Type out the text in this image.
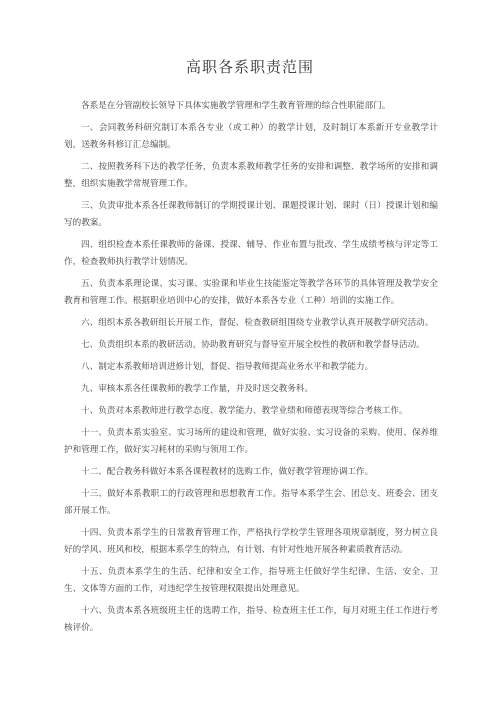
高职各系职责范围

各系是在分管副校长领导下具体实施教学管理和学生教育管理的综合性职能部门。

一、会同教务科研究制订本系各专业（或工种）的教学计划，及时制订本系新开专业教学计划，送教务科修订汇总编制。

二、按照教务科下达的教学任务，负责本系教师教学任务的安排和调整、教学场所的安排和调整，组织实施教学常规管理工作。

三、负责审批本系各任课教师制订的学期授课计划、课题授课计划、课时（日）授课计划和编写的教案。

四、组织检查本系任课教师的备课、授课、辅导、作业布置与批改、学生成绩考核与评定等工作，检查教师执行教学计划情况。

五、负责本系理论课、实习课、实验课和毕业生技能鉴定等教学各环节的具体管理及教学安全教育和管理工作。根据职业培训中心的安排，做好本系各专业（工种）培训的实施工作。

六、组织本系各教研组长开展工作，督促、检查教研组围绕专业教学认真开展教学研究活动。

七、负责组织本系的教研活动，协助教育研究与督导室开展全校性的教研和教学督导活动。

八、制定本系教师培训进修计划，督促、指导教师提高业务水平和教学能力。

九、审核本系各任课教师的教学工作量，并及时送交教务科。

十、负责对本系教师进行教学态度、教学能力、教学业绩和师德表现等综合考核工作。

十一、负责本系实验室、实习场所的建设和管理，做好实验、实习设备的采购、使用、保养维护和管理工作，做好实习耗材的采购与领用工作。

十二、配合教务科做好本系各课程教材的选购工作，做好教学管理协调工作。

十三、做好本系教职工的行政管理和思想教育工作。指导本系学生会、团总支、班委会、团支部开展工作。

十四、负责本系学生的日常教育管理工作，严格执行学校学生管理各项规章制度，努力树立良好的学风、班风和校，根据本系学生的特点，有计划、有针对性地开展各种素质教育活动。

十五、负责本系学生的生活、纪律和安全工作，指导班主任做好学生纪律、生活、安全、卫生、文体等方面的工作，对违纪学生按管理权限提出处理意见。

十六、负责本系各班级班主任的选聘工作，指导、检查班主任工作，每月对班主任工作进行考核评价。
